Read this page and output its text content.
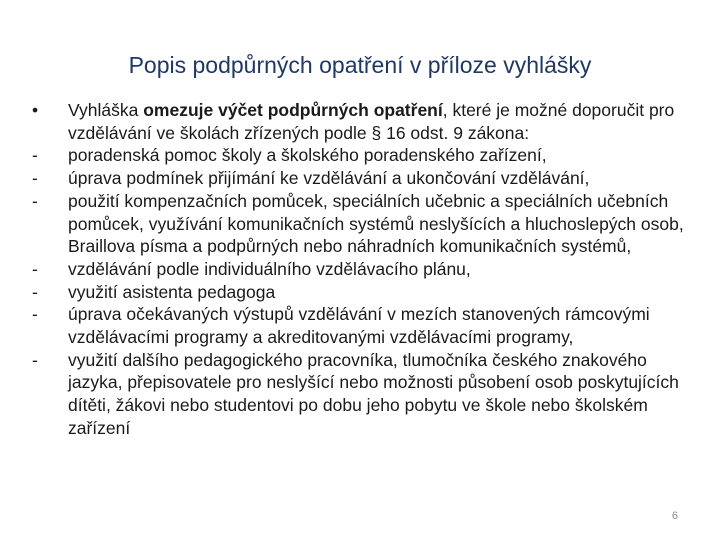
Popis podpůrných opatření v příloze vyhlášky
•	Vyhláška omezuje výčet podpůrných opatření, které je možné doporučit pro vzdělávání ve školách zřízených podle § 16 odst. 9 zákona:
-	poradenská pomoc školy a školského poradenského zařízení,
-	úprava podmínek přijímání ke vzdělávání a ukončování vzdělávání,
-	použití kompenzačních pomůcek, speciálních učebnic a speciálních učebních pomůcek, využívání komunikačních systémů neslyšících a hluchoslepých osob, Braillova písma a podpůrných nebo náhradních komunikačních systémů,
-	vzdělávání podle individuálního vzdělávacího plánu,
-	využití asistenta pedagoga
-	úprava očekávaných výstupů vzdělávání v mezích stanovených rámcovými vzdělávacími programy a akreditovanými vzdělávacími programy,
-	využití dalšího pedagogického pracovníka, tlumočníka českého znakového jazyka, přepisovatele pro neslyšící nebo možnosti působení osob poskytujících dítěti, žákovi nebo studentovi po dobu jeho pobytu ve škole nebo školském zařízení
6
